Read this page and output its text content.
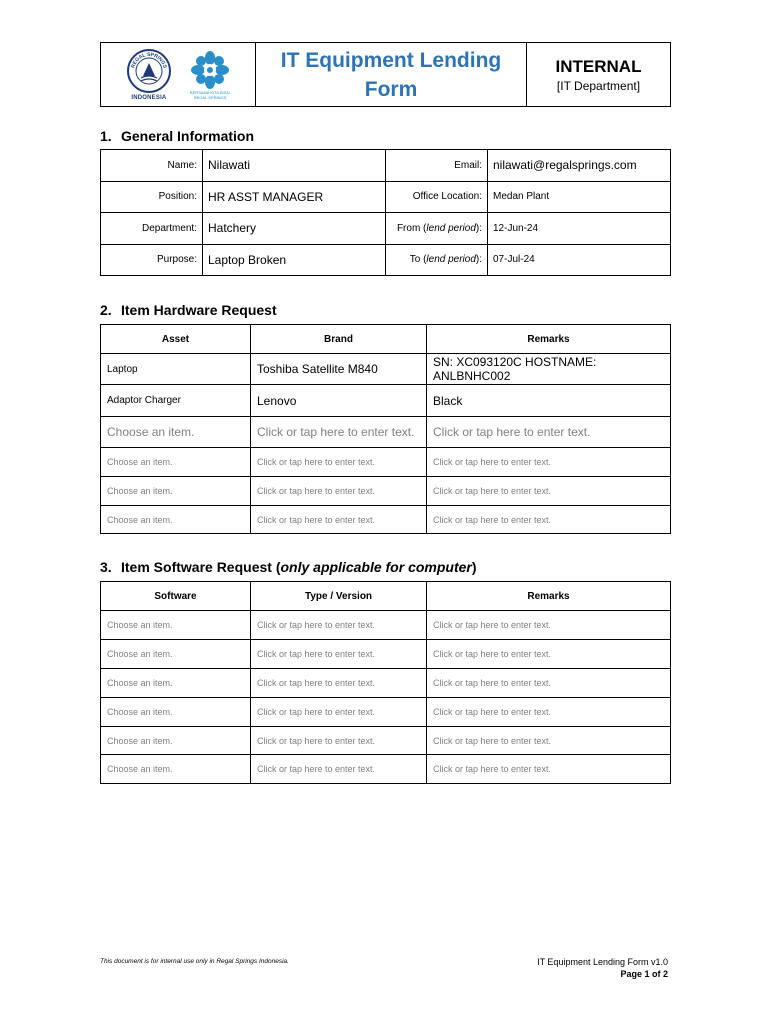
REGAL SPRINGS
INDONESIA
BERSAMA KITA BISA!
REGAL SPRINGS
IT Equipment Lending
Form
INTERNAL
[IT Department]
1. General Information
Name:	Nilawati	Email:	nilawati@regalsprings.com
Position:	HR ASST MANAGER	Office Location:	Medan Plant
Department:	Hatchery	From (lend period):	12-Jun-24
Purpose:	Laptop Broken	To (lend period):	07-Jul-24
2. Item Hardware Request
Asset	Brand	Remarks
Laptop	Toshiba Satellite M840	SN: XC093120C HOSTNAME: ANLBNHC002
Adaptor Charger	Lenovo	Black
Choose an item.	Click or tap here to enter text.	Click or tap here to enter text.
Choose an item.	Click or tap here to enter text.	Click or tap here to enter text.
Choose an item.	Click or tap here to enter text.	Click or tap here to enter text.
Choose an item.	Click or tap here to enter text.	Click or tap here to enter text.
3. Item Software Request (only applicable for computer)
Software	Type / Version	Remarks
Choose an item.	Click or tap here to enter text.	Click or tap here to enter text.
Choose an item.	Click or tap here to enter text.	Click or tap here to enter text.
Choose an item.	Click or tap here to enter text.	Click or tap here to enter text.
Choose an item.	Click or tap here to enter text.	Click or tap here to enter text.
Choose an item.	Click or tap here to enter text.	Click or tap here to enter text.
Choose an item.	Click or tap here to enter text.	Click or tap here to enter text.
This document is for internal use only in Regal Springs Indonesia.	IT Equipment Lending Form v1.0
Page 1 of 2
